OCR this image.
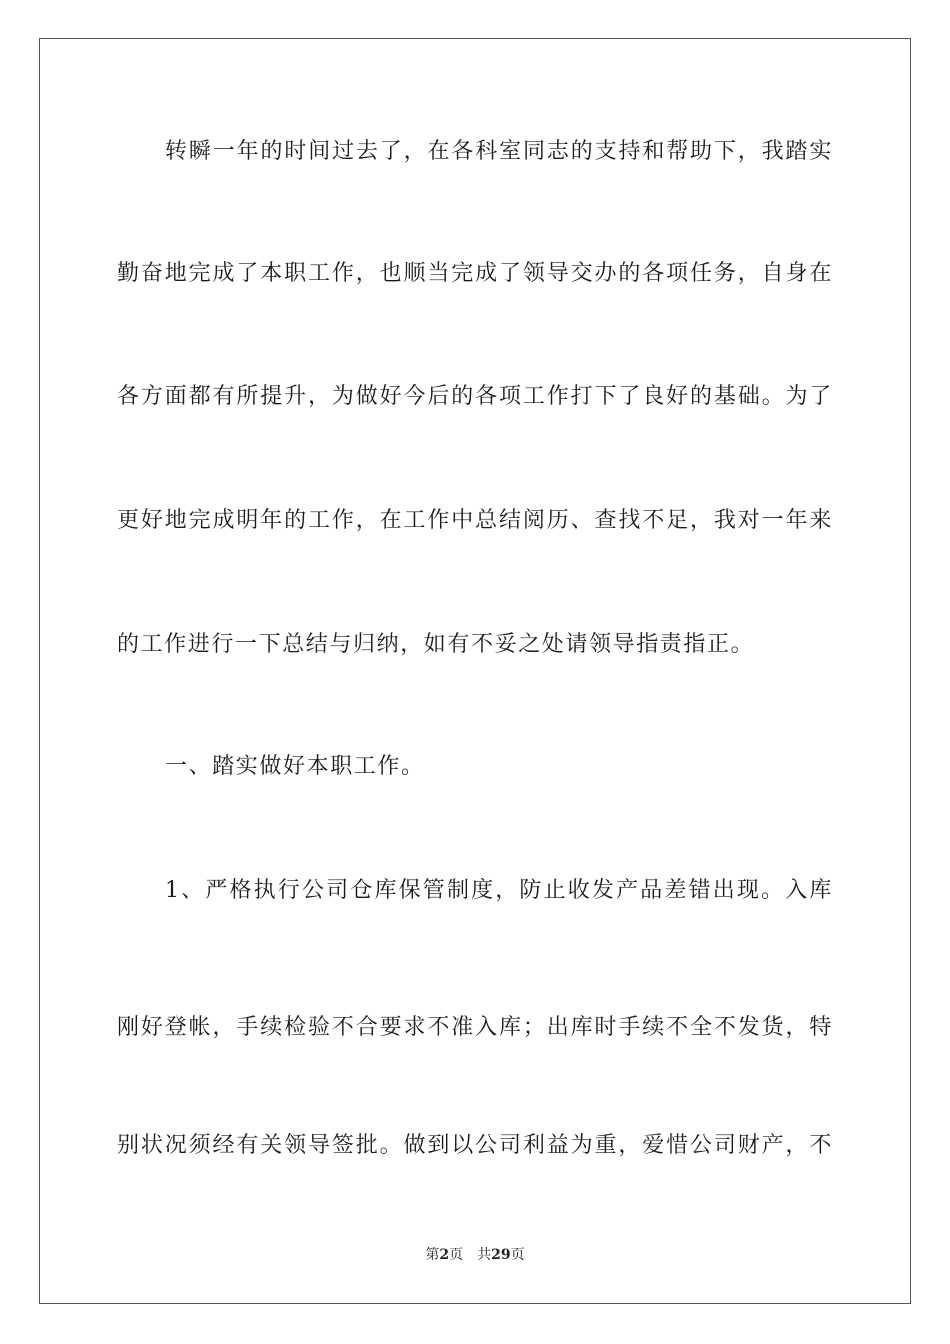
转瞬一年的时间过去了，在各科室同志的支持和帮助下，我踏实
勤奋地完成了本职工作，也顺当完成了领导交办的各项任务，自身在
各方面都有所提升，为做好今后的各项工作打下了良好的基础。为了
更好地完成明年的工作，在工作中总结阅历、查找不足，我对一年来
的工作进行一下总结与归纳，如有不妥之处请领导指责指正。
一、踏实做好本职工作。
1、严格执行公司仓库保管制度，防止收发产品差错出现。入库
刚好登帐，手续检验不合要求不准入库；出库时手续不全不发货，特
别状况须经有关领导签批。做到以公司利益为重，爱惜公司财产，不
第2页 共29页
